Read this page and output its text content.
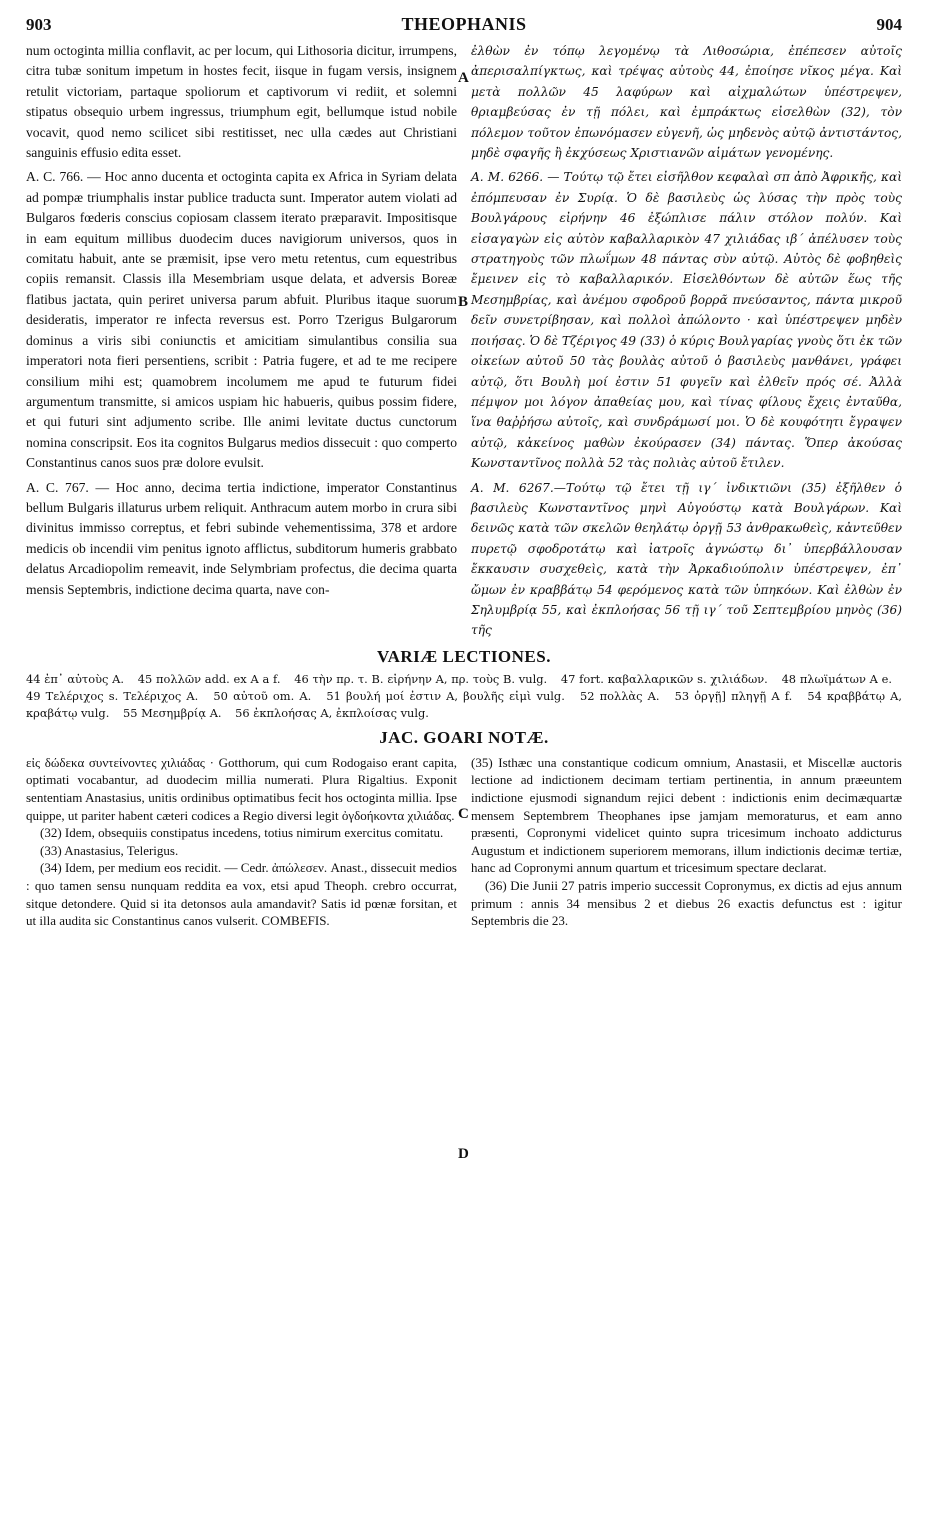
903	THEOPHANIS	904
A
B
C
D

num octoginta millia conflavit, ac per locum, qui Lithosoria dicitur, irrumpens, citra tubæ sonitum impetum in hostes fecit, iisque in fugam versis, insignem retulit victoriam, partaque spoliorum et captivorum vi rediit, et solemni stipatus obsequio urbem ingressus, triumphum egit, bellumque istud nobile vocavit, quod nemo scilicet sibi restitisset, nec ulla cædes aut Christiani sanguinis effusio edita esset.

A. C. 766. — Hoc anno ducenta et octoginta capita ex Africa in Syriam delata ad pompæ triumphalis instar publice traducta sunt. Imperator autem violati ad Bulgaros fœderis conscius copiosam classem iterato præparavit. Impositisque in eam equitum millibus duodecim duces navigiorum universos, quos in comitatu habuit, ante se præmisit, ipse vero metu retentus, cum equestribus copiis remansit. Classis illa Mesembriam usque delata, et adversis Boreæ flatibus jactata, quin periret universa parum abfuit. Pluribus itaque suorum desideratis, imperator re infecta reversus est. Porro Tzerigus Bulgarorum dominus a viris sibi coniunctis et amicitiam simulantibus consilia sua imperatori nota fieri persentiens, scribit : Patria fugere, et ad te me recipere consilium mihi est; quamobrem incolumem me apud te futurum fidei argumentum transmitte, si amicos uspiam hic habueris, quibus possim fidere, et qui futuri sint adjumento scribe. Ille animi levitate ductus cunctorum nomina conscripsit. Eos ita cognitos Bulgarus medios dissecuit : quo comperto Constantinus canos suos præ dolore evulsit.

A. C. 767. — Hoc anno, decima tertia indictione, imperator Constantinus bellum Bulgaris illaturus urbem reliquit. Anthracum autem morbo in crura sibi divinitus immisso correptus, et febri subinde vehementissima, 378 et ardore medicis ob incendii vim penitus ignoto afflictus, subditorum humeris grabbato delatus Arcadiopolim remeavit, inde Selymbriam profectus, die decima quarta mensis Septembris, indictione decima quarta, nave con-

ἐλθὼν ἐν τόπῳ λεγομένῳ τὰ Λιθοσώρια, ἐπέπεσεν αὐτοῖς ἀπερισαλπίγκτως, καὶ τρέψας αὐτοὺς 44, ἐποίησε νῖκος μέγα. Καὶ μετὰ πολλῶν 45 λαφύρων καὶ αἰχμαλώτων ὑπέστρεψεν, θριαμβεύσας ἐν τῇ πόλει, καὶ ἐμπράκτως εἰσελθὼν (32), τὸν πόλεμον τοῦτον ἐπωνόμασεν εὐγενῆ, ὡς μηδενὸς αὐτῷ ἀντιστάντος, μηδὲ σφαγῆς ἢ ἐκχύσεως Χριστιανῶν αἱμάτων γενομένης.

A. M. 6266. — Τούτῳ τῷ ἔτει εἰσῆλθον κεφαλαὶ σπ ἀπὸ Ἀφρικῆς, καὶ ἐπόμπευσαν ἐν Συρίᾳ. Ὁ δὲ βασιλεὺς ὡς λύσας τὴν πρὸς τοὺς Βουλγάρους εἰρήνην 46 ἐξώπλισε πάλιν στόλον πολύν. Καὶ εἰσαγαγὼν εἰς αὐτὸν καβαλλαρικὸν 47 χιλιάδας ιβ΄ ἀπέλυσεν τοὺς στρατηγοὺς τῶν πλωΐμων 48 πάντας σὺν αὐτῷ. Αὐτὸς δὲ φοβηθεὶς ἔμεινεν εἰς τὸ καβαλλαρικόν. Εἰσελθόντων δὲ αὐτῶν ἕως τῆς Μεσημβρίας, καὶ ἀνέμου σφοδροῦ βορρᾶ πνεύσαντος, πάντα μικροῦ δεῖν συνετρίβησαν, καὶ πολλοὶ ἀπώλοντο · καὶ ὑπέστρεψεν μηδὲν ποιήσας. Ὁ δὲ Τζέριγος 49 (33) ὁ κύρις Βουλγαρίας γνοὺς ὅτι ἐκ τῶν οἰκείων αὐτοῦ 50 τὰς βουλὰς αὐτοῦ ὁ βασιλεὺς μανθάνει, γράφει αὐτῷ, ὅτι Βουλὴ μοί ἐστιν 51 φυγεῖν καὶ ἐλθεῖν πρός σέ. Ἀλλὰ πέμψον μοι λόγον ἀπαθείας μου, καὶ τίνας φίλους ἔχεις ἐνταῦθα, ἵνα θαῤῥήσω αὐτοῖς, καὶ συνδράμωσί μοι. Ὁ δὲ κουφότητι ἔγραψεν αὐτῷ, κἀκείνος μαθὼν ἐκούρασεν (34) πάντας. Ὅπερ ἀκούσας Κωνσταντῖνος πολλὰ 52 τὰς πολιὰς αὐτοῦ ἔτιλεν.

A. M. 6267.—Τούτῳ τῷ ἔτει τῇ ιγ΄ ἰνδικτιῶνι (35) ἐξῆλθεν ὁ βασιλεὺς Κωνσταντῖνος μηνὶ Αὐγούστῳ κατὰ Βουλγάρων. Καὶ δεινῶς κατὰ τῶν σκελῶν θεηλάτῳ ὀργῇ 53 ἀνθρακωθεὶς, κἀντεῦθεν πυρετῷ σφοδροτάτῳ καὶ ἰατροῖς ἀγνώστῳ δι᾽ ὑπερβάλλουσαν ἔκκαυσιν συσχεθεὶς, κατὰ τὴν Ἀρκαδιούπολιν ὑπέστρεψεν, ἐπ᾽ ὤμων ἐν κραββάτῳ 54 φερόμενος κατὰ τῶν ὑπηκόων. Καὶ ἐλθὼν ἐν Σηλυμβρίᾳ 55, καὶ ἐκπλοήσας 56 τῇ ιγ΄ τοῦ Σεπτεμβρίου μηνὸς (36) τῆς

VARIÆ LECTIONES.
44 ἐπ᾽ αὐτοὺς A. 45 πολλῶν add. ex A a f. 46 τὴν πρ. τ. B. εἰρήνην A, πρ. τοὺς B. vulg. 47 fort. καβαλλαρικῶν s. χιλιάδων. 48 πλωϊμάτων A e. 49 Τελέριχος s. Τελέριχος A. 50 αὐτοῦ om. A. 51 βουλή μοί ἐστιν A, βουλῆς εἰμὶ vulg. 52 πολλὰς A. 53 ὀργῇ] πληγῇ A f. 54 κραββάτῳ A, κραβάτῳ vulg. 55 Μεσημβρίᾳ A. 56 ἐκπλοήσας A, ἐκπλοίσας vulg.
JAC. GOARI NOTÆ.

εἰς δώδεκα συντείνοντες χιλιάδας · Gotthorum, qui cum Rodogaiso erant capita, optimati vocabantur, ad duodecim millia numerati. Plura Rigaltius. Exponit sententiam Anastasius, unitis ordinibus optimatibus fecit hos octoginta millia. Ipse quippe, ut pariter habent cæteri codices a Regio diversi legit ὀγδοήκοντα χιλιάδας.

(32) Idem, obsequiis constipatus incedens, totius nimirum exercitus comitatu.

(33) Anastasius, Telerigus.

(34) Idem, per medium eos recidit. — Cedr. ἀπώλεσεν. Anast., dissecuit medios : quo tamen sensu nunquam reddita ea vox, etsi apud Theoph. crebro occurrat, sitque detondere. Quid si ita detonsos aula amandavit? Satis id pœnæ forsitan, et ut illa audita sic Constantinus canos vulserit. COMBEFIS.

(35) Isthæc una constantique codicum omnium, Anastasii, et Miscellæ auctoris lectione ad indictionem decimam tertiam pertinentia, in annum præeuntem indictione ejusmodi signandum rejici debent : indictionis enim decimæquartæ mensem Septembrem Theophanes ipse jamjam memoraturus, et eam anno præsenti, Copronymi videlicet quinto supra tricesimum inchoato addicturus Augustum et indictionem superiorem memorans, illum indictionis decimæ tertiæ, hanc ad Copronymi annum quartum et tricesimum spectare declarat.

(36) Die Junii 27 patris imperio successit Copronymus, ex dictis ad ejus annum primum : annis 34 mensibus 2 et diebus 26 exactis defunctus est : igitur Septembris die 23.
